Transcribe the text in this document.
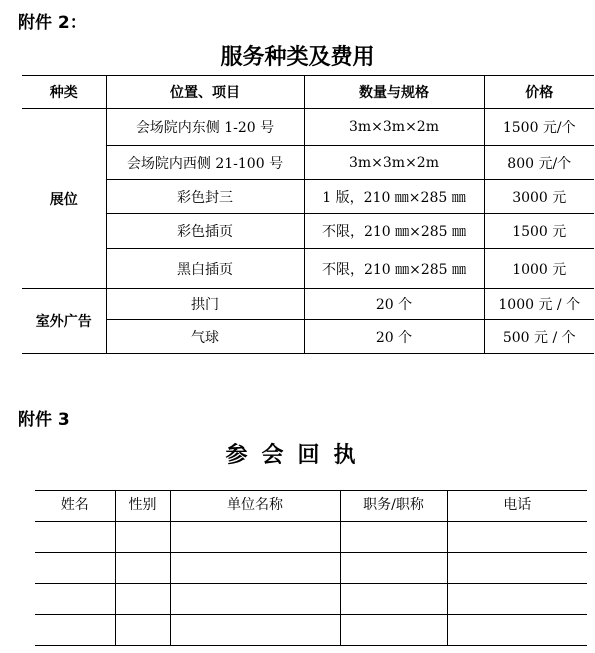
附件 2：
服务种类及费用
种类	位置、项目	数量与规格	价格
展位	会场院内东侧 1-20 号	3m×3m×2m	1500 元/个
	会场院内西侧 21-100 号	3m×3m×2m	800 元/个
	彩色封三	1 版，210 ㎜×285 ㎜	3000 元
	彩色插页	不限，210 ㎜×285 ㎜	1500 元
	黑白插页	不限，210 ㎜×285 ㎜	1000 元
室外广告	拱门	20 个	1000 元 / 个
	气球	20 个	500 元 / 个
附件 3
参会回执
姓名	性别	单位名称	职务/职称	电话
